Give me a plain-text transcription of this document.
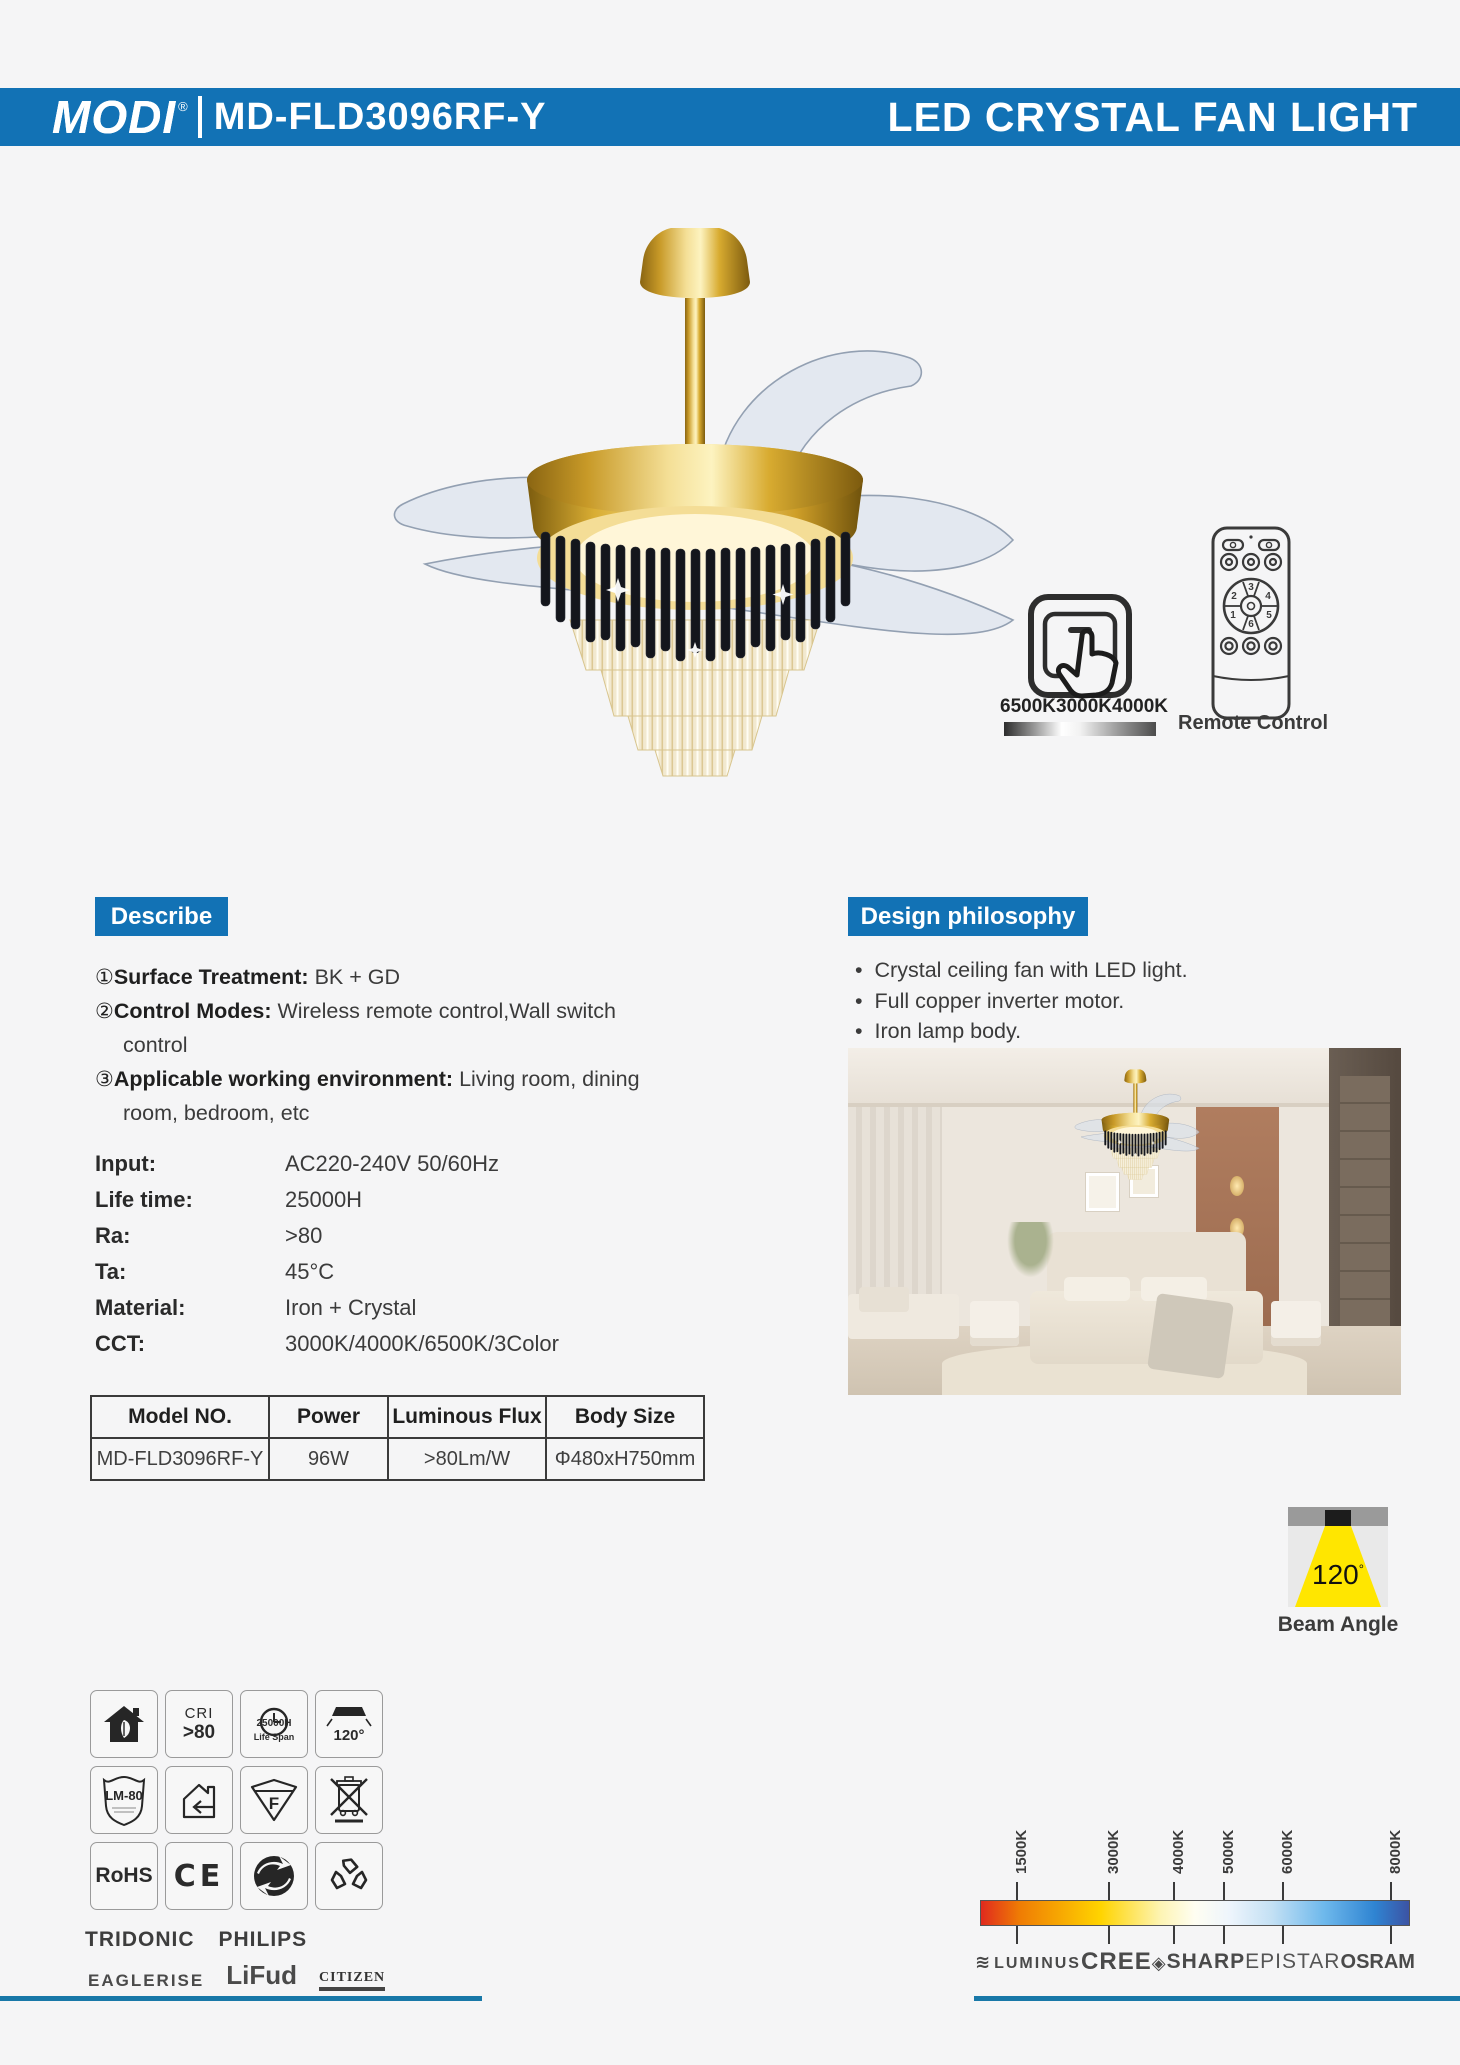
MODI ® MD-FLD3096RF-Y	LED CRYSTAL FAN LIGHT
6500K 3000K 4000K
3
2	4
1	5
6
Remote Control
Describe
①Surface Treatment: BK + GD
②Control Modes: Wireless remote control,Wall switch control
③Applicable working environment: Living room, dining room, bedroom, etc
Design philosophy
• Crystal ceiling fan with LED light.
• Full copper inverter motor.
• Iron lamp body.
Input:	AC220-240V 50/60Hz
Life time:	25000H
Ra:	>80
Ta:	45°C
Material:	Iron + Crystal
CCT:	3000K/4000K/6500K/3Color
Model NO.	Power	Luminous Flux	Body Size
MD-FLD3096RF-Y	96W	>80Lm/W	Φ480xH750mm
120°
Beam Angle
CRI
>80	25000H
Life Span	120°
LM-80	F
RoHS CE
TRIDONIC PHILIPS
EAGLERISE LiFud CITIZEN
1500K	3000K	4000K 5000K	6000K	8000K
≋ LUMINUS CREE◈ SHARP EPISTAR OSRAM
